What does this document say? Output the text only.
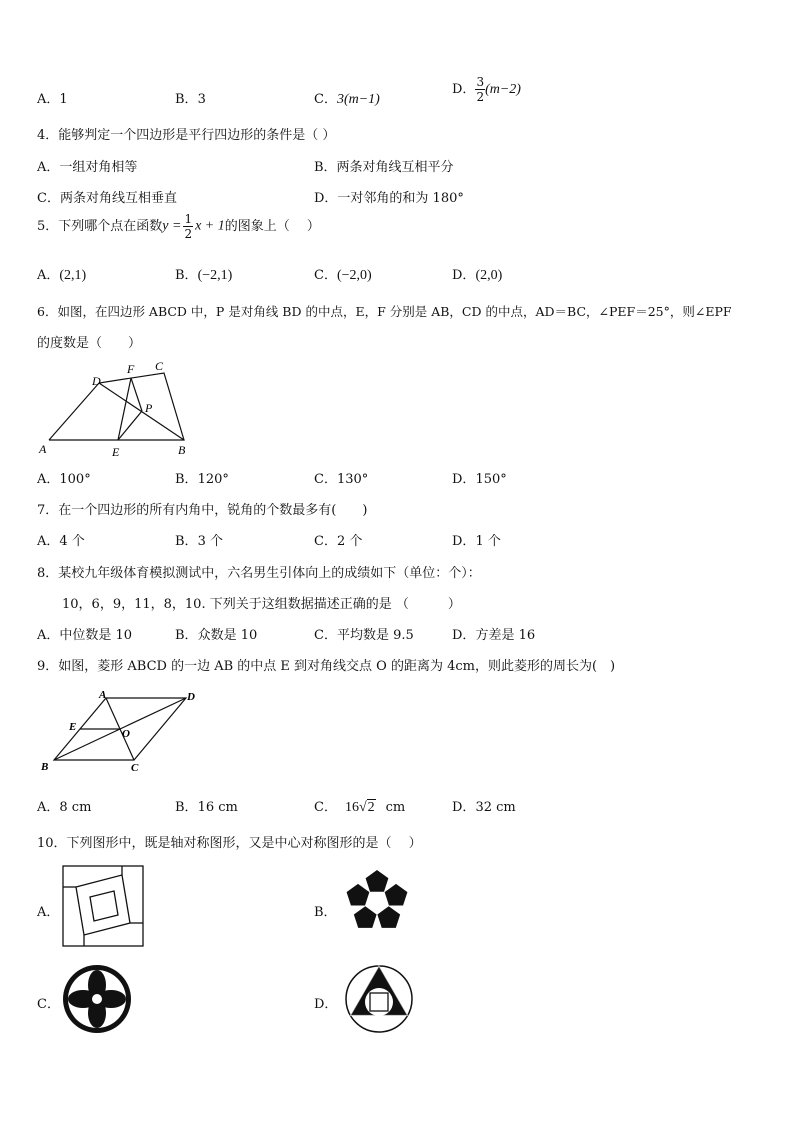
A．1	B．3	C．3(m−1)
D． $\frac{3}{2} (m-2)$
4．能够判定一个四边形是平行四边形的条件是（ ）
A．一组对角相等	B．两条对角线互相平分
C．两条对角线互相垂直	D．一对邻角的和为 180°
5．下列哪个点在函数$y = \frac{1}{2}$ x + 1的图象上（　 ）
A．(2,1)	B．(−2,1)	C．(−2,0)	D．(2,0)
6．如图，在四边形 ABCD 中，P 是对角线 BD 的中点，E，F 分别是 AB，CD 的中点，AD＝BC，∠PEF＝25°，则∠EPF
的度数是（　　）
A	B
C
D
E
F
P
A．100°	B．120°	C．130°	D．150°
7．在一个四边形的所有内角中，锐角的个数最多有(　　)
A．4 个	B．3 个	C．2 个	D．1 个
8．某校九年级体育模拟测试中，六名男生引体向上的成绩如下（单位：个）：
10，6，9，11，8，10. 下列关于这组数据描述正确的是 （　　　）
A．中位数是 10	B．众数是 10	C．平均数是 9.5	D．方差是 16
9．如图，菱形 ABCD 的一边 AB 的中点 E 到对角线交点 O 的距离为 4cm，则此菱形的周长为(　)
A
B	C
D
E
O
A．8 cm	B．16 cm	C． 16√2 cm	D．32 cm
10．下列图形中，既是轴对称图形，又是中心对称图形的是（　 ）
A．	B．
C．	D．
